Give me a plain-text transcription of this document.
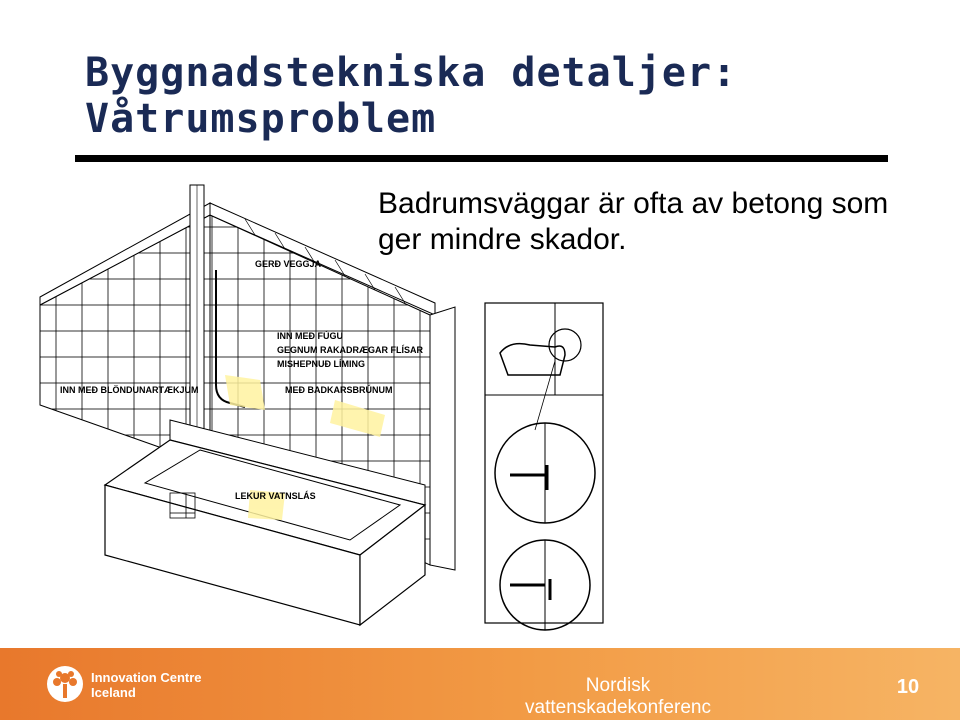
Byggnadstekniska detaljer:
Våtrumsproblem
Badrumsväggar är ofta av betong som
ger mindre skador.
GERÐ VEGGJA
INN MEÐ FÚGU
GEGNUM RAKADRÆGAR FLÍSAR
MISHEPNUÐ LÍMING
INN MEÐ BLÖNDUNARTÆKJUM	MEÐ BADKARSBRÚNUM
LEKUR VATNSLÁS
Innovation Centre
Iceland	Nordisk
vattenskadekonferenc
10
